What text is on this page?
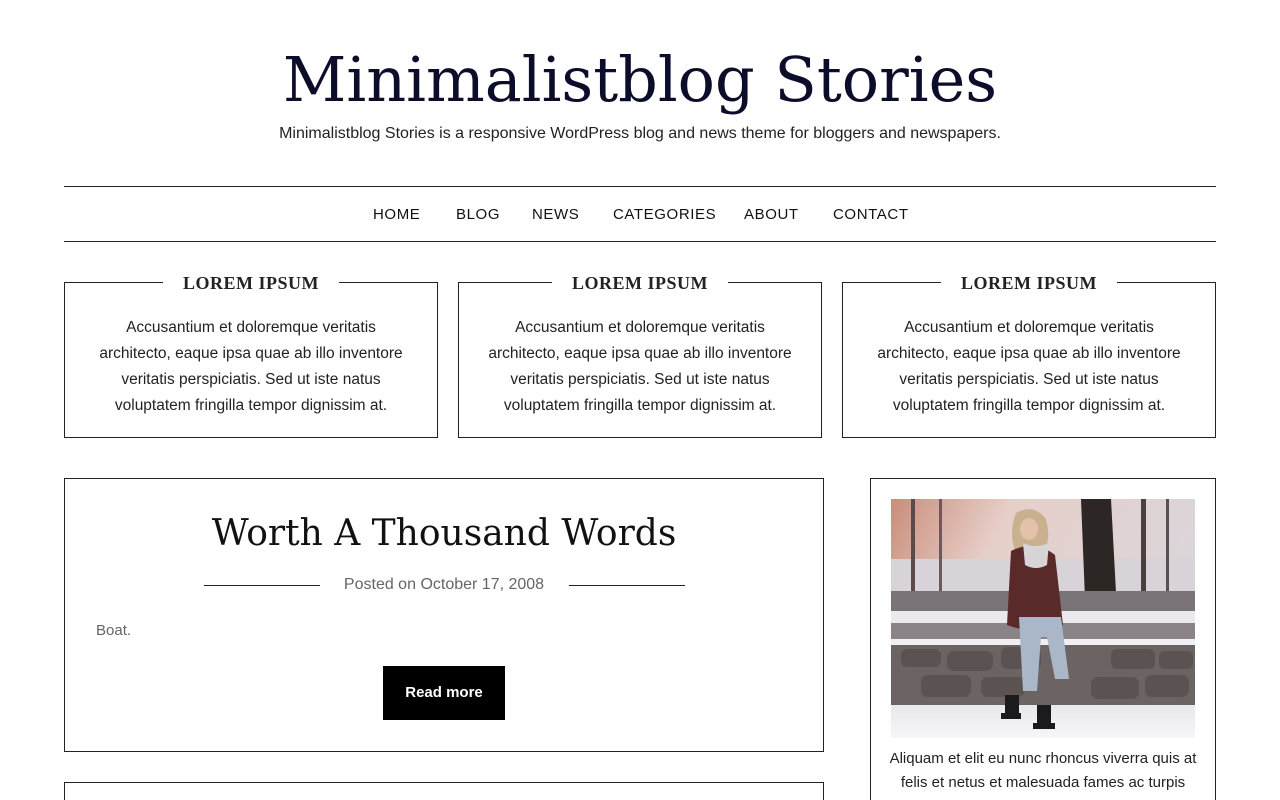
Minimalistblog Stories

Minimalistblog Stories is a responsive WordPress blog and news theme for bloggers and newspapers.

HOME BLOG NEWS CATEGORIES ABOUT CONTACT
LOREM IPSUM

Accusantium et doloremque veritatis architecto, eaque ipsa quae ab illo inventore veritatis perspiciatis. Sed ut iste natus voluptatem fringilla tempor dignissim at.

LOREM IPSUM

Accusantium et doloremque veritatis architecto, eaque ipsa quae ab illo inventore veritatis perspiciatis. Sed ut iste natus voluptatem fringilla tempor dignissim at.

LOREM IPSUM

Accusantium et doloremque veritatis architecto, eaque ipsa quae ab illo inventore veritatis perspiciatis. Sed ut iste natus voluptatem fringilla tempor dignissim at.

Worth A Thousand Words
Posted on October 17, 2008

Boat.

Read more

Aliquam et elit eu nunc rhoncus viverra quis at felis et netus et malesuada fames ac turpis
